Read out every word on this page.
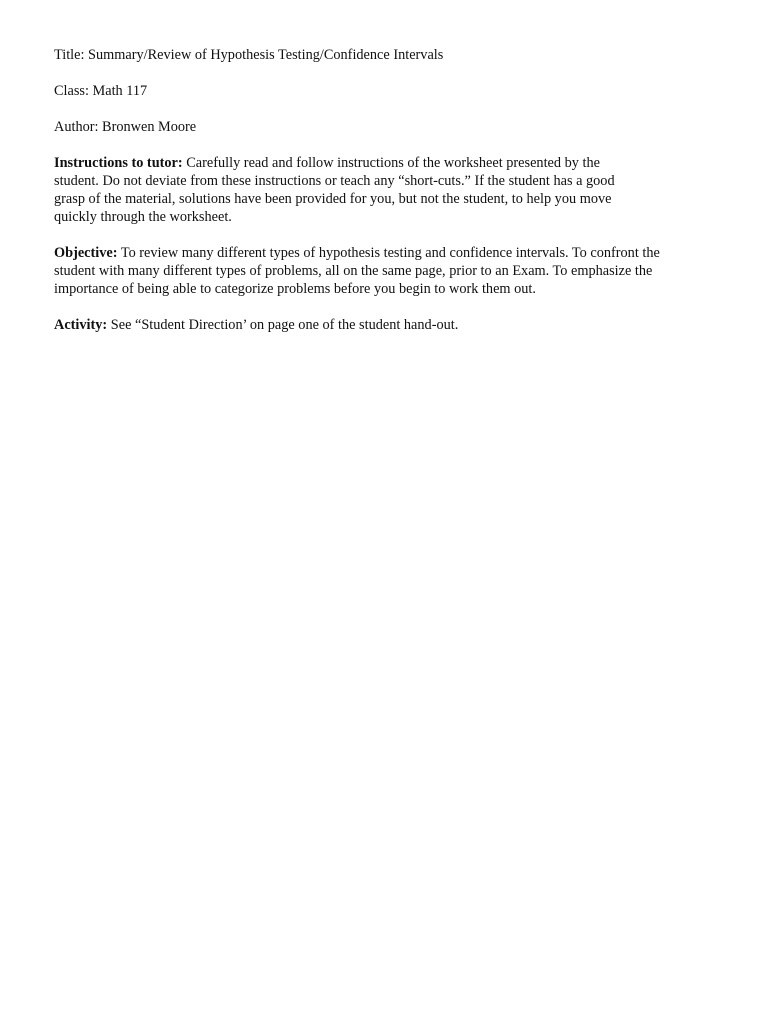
Title: Summary/Review of Hypothesis Testing/Confidence Intervals

Class: Math 117

Author: Bronwen Moore

Instructions to tutor: Carefully read and follow instructions of the worksheet presented by the
student. Do not deviate from these instructions or teach any “short-cuts.” If the student has a good
grasp of the material, solutions have been provided for you, but not the student, to help you move
quickly through the worksheet.

Objective: To review many different types of hypothesis testing and confidence intervals. To confront the
student with many different types of problems, all on the same page, prior to an Exam. To emphasize the
importance of being able to categorize problems before you begin to work them out.

Activity: See “Student Direction’ on page one of the student hand-out.
